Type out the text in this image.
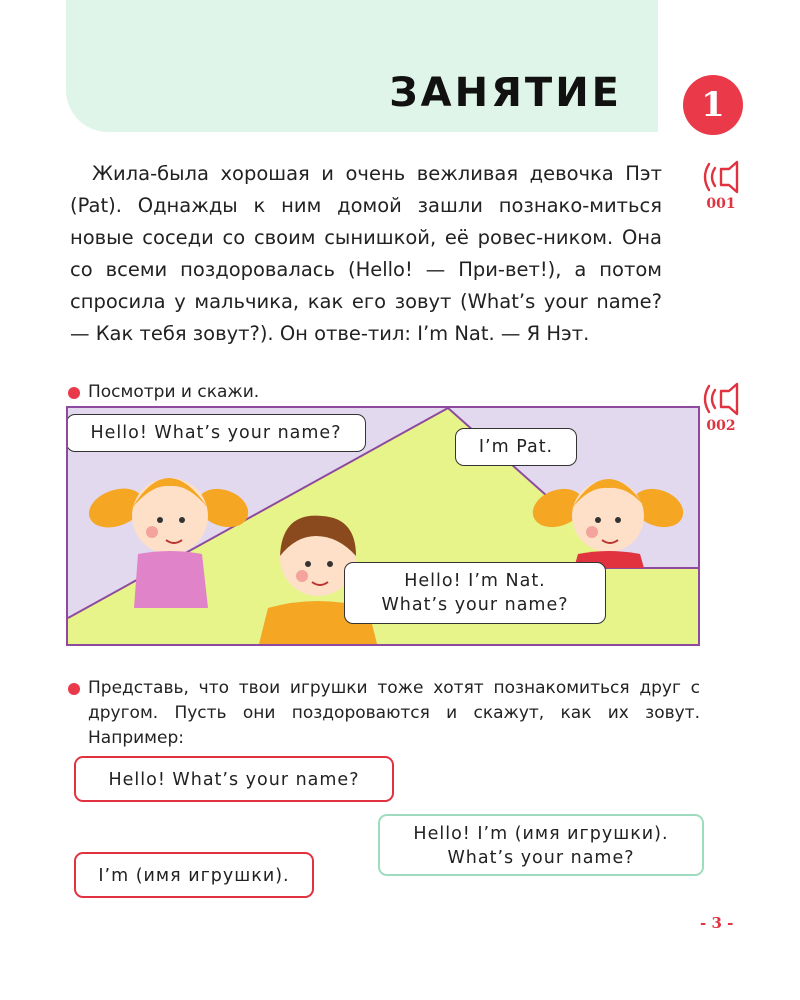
ЗАНЯТИЕ	1
001
002

Жила-была хорошая и очень вежливая девочка Пэт (Pat). Однажды к ним домой зашли познако-миться новые соседи со своим сынишкой, её ровес-ником. Она со всеми поздоровалась (Hello! — При-вет!), а потом спросила у мальчика, как его зовут (What’s your name? — Как тебя зовут?). Он отве-тил: I’m Nat. — Я Нэт.

Посмотри и скажи.
Hello! What’s your name?
I’m Pat.
Hello! I’m Nat.
What’s your name?
Представь, что твои игрушки тоже хотят познакомиться друг с другом. Пусть они поздороваются и скажут, как их зовут. Например:
Hello! What’s your name?
Hello! I’m (имя игрушки).
What’s your name?
I’m (имя игрушки).
- 3 -
